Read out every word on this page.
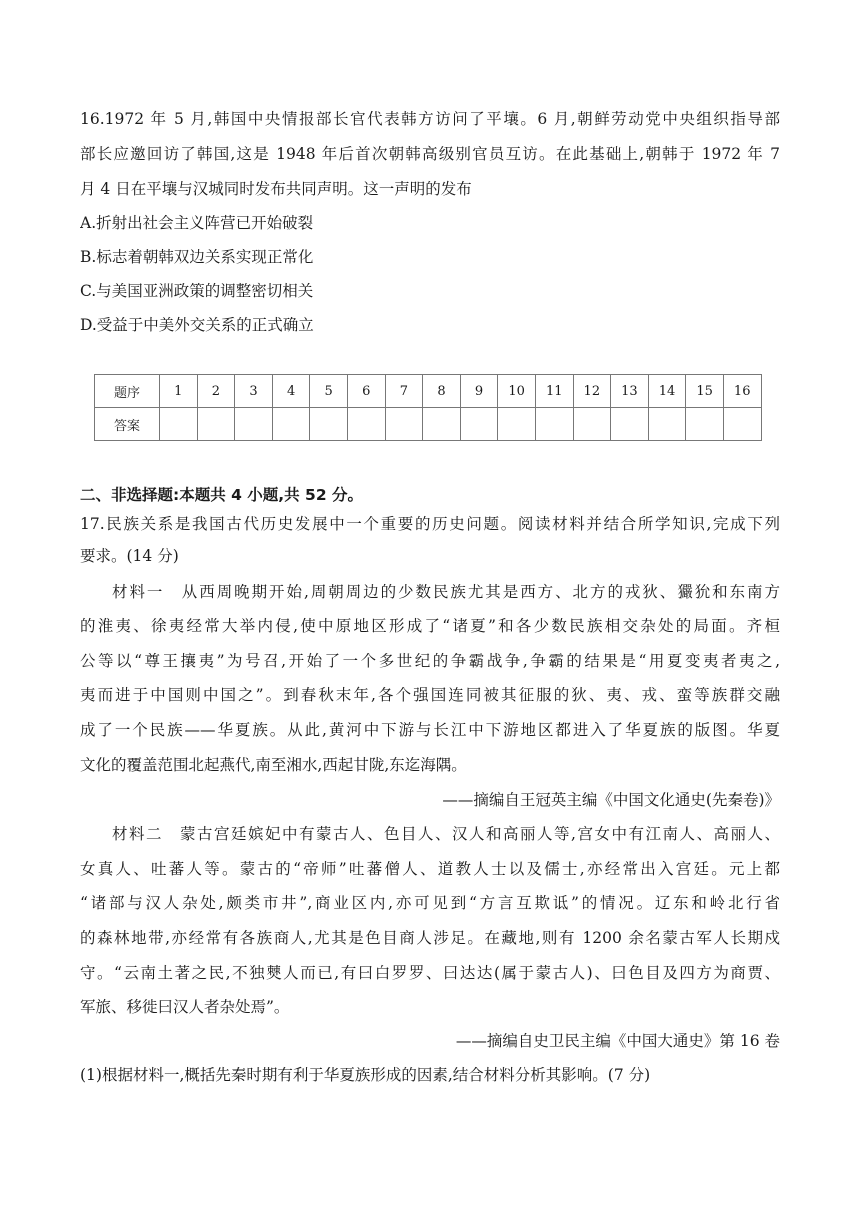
16.1972 年 5 月,韩国中央情报部长官代表韩方访问了平壤。6 月,朝鲜劳动党中央组织指导部
部长应邀回访了韩国,这是 1948 年后首次朝韩高级别官员互访。在此基础上,朝韩于 1972 年 7
月 4 日在平壤与汉城同时发布共同声明。这一声明的发布
A.折射出社会主义阵营已开始破裂
B.标志着朝韩双边关系实现正常化
C.与美国亚洲政策的调整密切相关
D.受益于中美外交关系的正式确立
题序	1	2	3	4	5	6	7	8	9	10	11	12	13	14	15	16
答案																
二、非选择题:本题共 4 小题,共 52 分。
17.民族关系是我国古代历史发展中一个重要的历史问题。阅读材料并结合所学知识,完成下列
要求。(14 分)
材料一　从西周晚期开始,周朝周边的少数民族尤其是西方、北方的戎狄、玁狁和东南方
的淮夷、徐夷经常大举内侵,使中原地区形成了“诸夏”和各少数民族相交杂处的局面。齐桓
公等以“尊王攘夷”为号召,开始了一个多世纪的争霸战争,争霸的结果是“用夏变夷者夷之,
夷而进于中国则中国之”。到春秋末年,各个强国连同被其征服的狄、夷、戎、蛮等族群交融
成了一个民族——华夏族。从此,黄河中下游与长江中下游地区都进入了华夏族的版图。华夏
文化的覆盖范围北起燕代,南至湘水,西起甘陇,东迄海隅。
——摘编自王冠英主编《中国文化通史(先秦卷)》
材料二　蒙古宫廷嫔妃中有蒙古人、色目人、汉人和高丽人等,宫女中有江南人、高丽人、
女真人、吐蕃人等。蒙古的“帝师”吐蕃僧人、道教人士以及儒士,亦经常出入宫廷。元上都
“诸部与汉人杂处,颇类市井”,商业区内,亦可见到“方言互欺诋”的情况。辽东和岭北行省
的森林地带,亦经常有各族商人,尤其是色目商人涉足。在藏地,则有 1200 余名蒙古军人长期戍
守。“云南土著之民,不独僰人而已,有曰白罗罗、曰达达(属于蒙古人)、曰色目及四方为商贾、
军旅、移徙曰汉人者杂处焉”。
——摘编自史卫民主编《中国大通史》第 16 卷
(1)根据材料一,概括先秦时期有利于华夏族形成的因素,结合材料分析其影响。(7 分)
